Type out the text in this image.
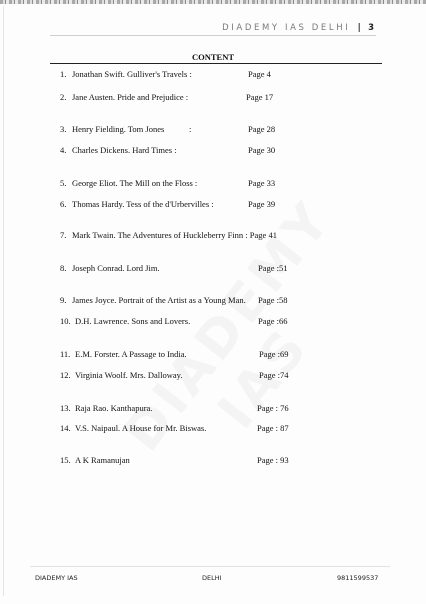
DIADEMY IAS DELHI | 3
CONTENT
1. Jonathan Swift. Gulliver's Travels :	Page 4
2. Jane Austen. Pride and Prejudice :	Page 17
3. Henry Fielding. Tom Jones	:	Page 28
4. Charles Dickens. Hard Times :	Page 30
5. George Eliot. The Mill on the Floss :	Page 33
6. Thomas Hardy. Tess of the d'Urbervilles :	Page 39
7. Mark Twain. The Adventures of Huckleberry Finn : Page 41
8. Joseph Conrad. Lord Jim.	Page :51
9. James Joyce. Portrait of the Artist as a Young Man. Page :58
10. D.H. Lawrence. Sons and Lovers.	Page :66
11. E.M. Forster. A Passage to India.	Page :69
12. Virginia Woolf. Mrs. Dalloway.	Page :74
13. Raja Rao. Kanthapura.	Page : 76
14. V.S. Naipaul. A House for Mr. Biswas.	Page : 87
15. A K Ramanujan	Page : 93
DIADEMY IAS	DELHI	9811599537
